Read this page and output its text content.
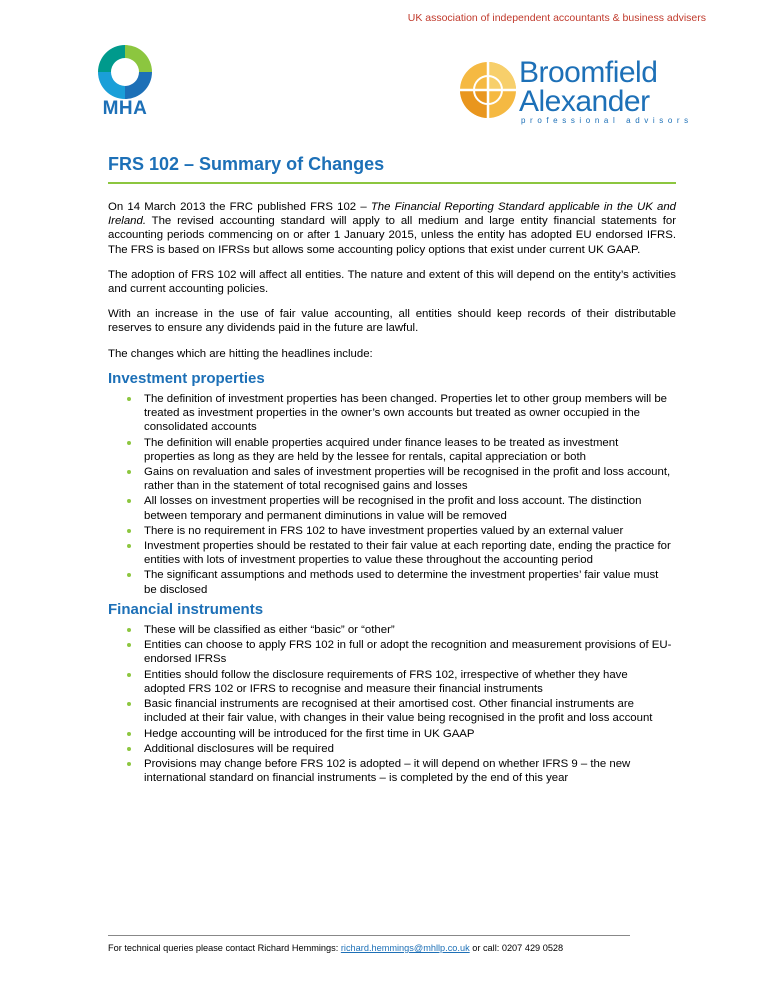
UK association of independent accountants & business advisers
MHA
Broomfield
Alexander
professional advisors
FRS 102 – Summary of Changes

On 14 March 2013 the FRC published FRS 102 – The Financial Reporting Standard applicable in the UK and Ireland. The revised accounting standard will apply to all medium and large entity financial statements for accounting periods commencing on or after 1 January 2015, unless the entity has adopted EU endorsed IFRS. The FRS is based on IFRSs but allows some accounting policy options that exist under current UK GAAP.

The adoption of FRS 102 will affect all entities. The nature and extent of this will depend on the entity’s activities and current accounting policies.

With an increase in the use of fair value accounting, all entities should keep records of their distributable reserves to ensure any dividends paid in the future are lawful.

The changes which are hitting the headlines include:

Investment properties
The definition of investment properties has been changed. Properties let to other group members will be treated as investment properties in the owner’s own accounts but treated as owner occupied in the consolidated accounts
The definition will enable properties acquired under finance leases to be treated as investment properties as long as they are held by the lessee for rentals, capital appreciation or both
Gains on revaluation and sales of investment properties will be recognised in the profit and loss account, rather than in the statement of total recognised gains and losses
All losses on investment properties will be recognised in the profit and loss account. The distinction between temporary and permanent diminutions in value will be removed
There is no requirement in FRS 102 to have investment properties valued by an external valuer
Investment properties should be restated to their fair value at each reporting date, ending the practice for entities with lots of investment properties to value these throughout the accounting period
The significant assumptions and methods used to determine the investment properties’ fair value must be disclosed
Financial instruments
These will be classified as either “basic” or “other”
Entities can choose to apply FRS 102 in full or adopt the recognition and measurement provisions of EU-endorsed IFRSs
Entities should follow the disclosure requirements of FRS 102, irrespective of whether they have adopted FRS 102 or IFRS to recognise and measure their financial instruments
Basic financial instruments are recognised at their amortised cost. Other financial instruments are included at their fair value, with changes in their value being recognised in the profit and loss account
Hedge accounting will be introduced for the first time in UK GAAP
Additional disclosures will be required
Provisions may change before FRS 102 is adopted – it will depend on whether IFRS 9 – the new international standard on financial instruments – is completed by the end of this year
For technical queries please contact Richard Hemmings: richard.hemmings@mhllp.co.uk or call: 0207 429 0528
